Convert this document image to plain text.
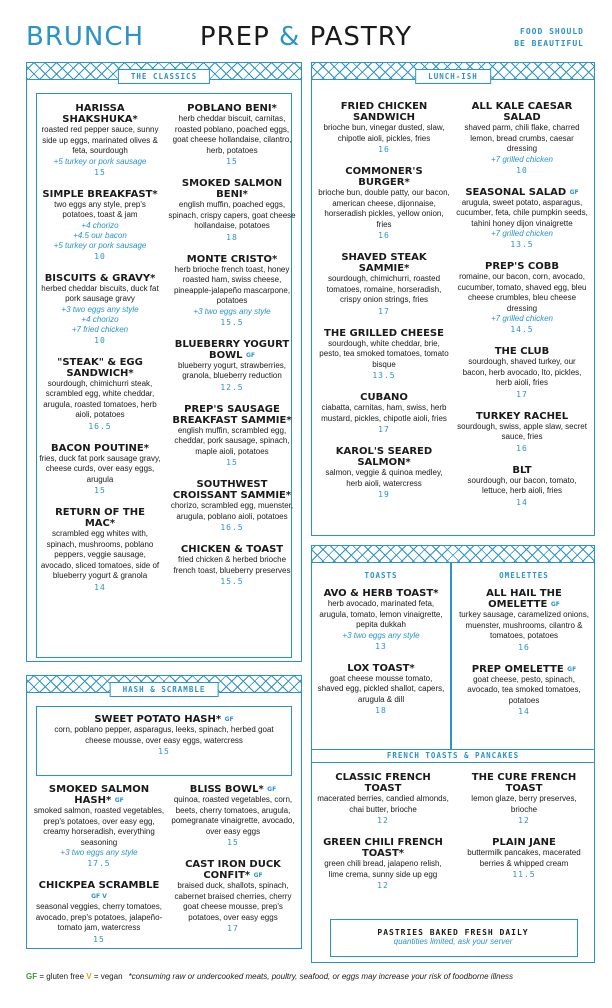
BRUNCH	PREP & PASTRY	FOOD SHOULD
BE BEAUTIFUL
THE CLASSICS
HARISSA SHAKSHUKA*
roasted red pepper sauce, sunny side up eggs, marinated olives & feta, sourdough
+5 turkey or pork sausage
15
SIMPLE BREAKFAST*
two eggs any style, prep's potatoes, toast & jam
+4 chorizo
+4.5 our bacon
+5 turkey or pork sausage
10
BISCUITS & GRAVY*
herbed cheddar biscuits, duck fat pork sausage gravy
+3 two eggs any style
+4 chorizo
+7 fried chicken
10
"STEAK" & EGG SANDWICH*
sourdough, chimichurri steak, scrambled egg, white cheddar, arugula, roasted tomatoes, herb aioli, potatoes
16.5
BACON POUTINE*
fries, duck fat pork sausage gravy, cheese curds, over easy eggs, arugula
15
RETURN OF THE MAC*
scrambled egg whites with, spinach, mushrooms, poblano peppers, veggie sausage, avocado, sliced tomatoes, side of blueberry yogurt & granola
14
POBLANO BENI*
herb cheddar biscuit, carnitas, roasted poblano, poached eggs, goat cheese hollandaise, cilantro, herb, potatoes
15
SMOKED SALMON BENI*
english muffin, poached eggs, spinach, crispy capers, goat cheese hollandaise, potatoes
18
MONTE CRISTO*
herb brioche french toast, honey roasted ham, swiss cheese, pineapple-jalapeño mascarpone, potatoes
+3 two eggs any style
15.5
BLUEBERRY YOGURT BOWL $^{GF}$
blueberry yogurt, strawberries, granola, blueberry reduction
12.5
PREP'S SAUSAGE BREAKFAST SAMMIE*
english muffin, scrambled egg, cheddar, pork sausage, spinach, maple aioli, potatoes
15
SOUTHWEST CROISSANT SAMMIE*
chorizo, scrambled egg, muenster, arugula, poblano aioli, potatoes
16.5
CHICKEN & TOAST
fried chicken & herbed brioche french toast, blueberry preserves
15.5
LUNCH-ISH
FRIED CHICKEN SANDWICH
brioche bun, vinegar dusted, slaw, chipotle aioli, pickles, fries
16
COMMONER'S BURGER*
brioche bun, double patty, our bacon, american cheese, dijonnaise, horseradish pickles, yellow onion, fries
16
SHAVED STEAK SAMMIE*
sourdough, chimichurri, roasted tomatoes, romaine, horseradish, crispy onion strings, fries
17
THE GRILLED CHEESE
sourdough, white cheddar, brie, pesto, tea smoked tomatoes, tomato bisque
13.5
CUBANO
ciabatta, carnitas, ham, swiss, herb mustard, pickles, chipotle aioli, fries
17
KAROL'S SEARED SALMON*
salmon, veggie & quinoa medley, herb aioli, watercress
19
ALL KALE CAESAR SALAD
shaved parm, chili flake, charred lemon, bread crumbs, caesar dressing
+7 grilled chicken
10
SEASONAL SALAD $^{GF}$
arugula, sweet potato, asparagus, cucumber, feta, chile pumpkin seeds, tahini honey dijon vinaigrette
+7 grilled chicken
13.5
PREP'S COBB
romaine, our bacon, corn, avocado, cucumber, tomato, shaved egg, bleu cheese crumbles, bleu cheese dressing
+7 grilled chicken
14.5
THE CLUB
sourdough, shaved turkey, our bacon, herb avocado, lto, pickles, herb aioli, fries
17
TURKEY RACHEL
sourdough, swiss, apple slaw, secret sauce, fries
16
BLT
sourdough, our bacon, tomato, lettuce, herb aioli, fries
14
HASH & SCRAMBLE
SWEET POTATO HASH* $^{GF}$
corn, poblano pepper, asparagus, leeks, spinach, herbed goat cheese mousse, over easy eggs, watercress
15
SMOKED SALMON HASH* $^{GF}$
smoked salmon, roasted vegetables, prep's potatoes, over easy egg, creamy horseradish, everything seasoning
+3 two eggs any style
17.5
CHICKPEA SCRAMBLE $^{GF V}$
seasonal veggies, cherry tomatoes, avocado, prep's potatoes, jalapeño-tomato jam, watercress
15
BLISS BOWL* $^{GF}$
quinoa, roasted vegetables, corn, beets, cherry tomatoes, arugula, pomegranate vinaigrette, avocado, over easy eggs
15
CAST IRON DUCK CONFIT* $^{GF}$
braised duck, shallots, spinach, cabernet braised cherries, cherry goat cheese mousse, prep's potatoes, over easy eggs
17
TOASTS	OMELETTES
AVO & HERB TOAST*
herb avocado, marinated feta, arugula, tomato, lemon vinaigrette, pepita dukkah
+3 two eggs any style
13
LOX TOAST*
goat cheese mousse tomato, shaved egg, pickled shallot, capers, arugula & dill
18
ALL HAIL THE OMELETTE $^{GF}$
turkey sausage, caramelized onions, muenster, mushrooms, cilantro & tomatoes, potatoes
16
PREP OMELETTE $^{GF}$
goat cheese, pesto, spinach, avocado, tea smoked tomatoes, potatoes
14
FRENCH TOASTS & PANCAKES
CLASSIC FRENCH TOAST
macerated berries, candied almonds, chai butter, brioche
12
GREEN CHILI FRENCH TOAST*
green chili bread, jalapeno relish, lime crema, sunny side up egg
12
THE CURE FRENCH TOAST
lemon glaze, berry preserves, brioche
12
PLAIN JANE
buttermilk pancakes, macerated berries & whipped cream
11.5
PASTRIES BAKED FRESH DAILY
quantities limited, ask your server
GF = gluten free V = vegan *consuming raw or undercooked meats, poultry, seafood, or eggs may increase your risk of foodborne illness
